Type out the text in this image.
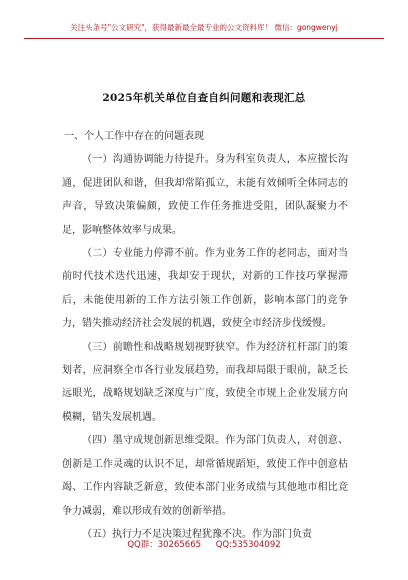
关注头条号"公文研究"，获得最新最全最专业的公文资料库！ 微信：gongwenyj
2025年机关单位自查自纠问题和表现汇总
一、个人工作中存在的问题表现

（一）沟通协调能力待提升。身为科室负责人，本应擅长沟通，促进团队和谐，但我却常陷孤立，未能有效倾听全体同志的声音，导致决策偏颇，致使工作任务推进受阻，团队凝聚力不足，影响整体效率与成果。

（二）专业能力停滞不前。作为业务工作的老同志，面对当前时代技术迭代迅速，我却安于现状，对新的工作技巧掌握滞后，未能使用新的工作方法引领工作创新，影响本部门的竞争力，错失推动经济社会发展的机遇，致使全市经济步伐缓慢。

（三）前瞻性和战略规划视野狭窄。作为经济杠杆部门的策划者，应洞察全市各行业发展趋势，而我却局限于眼前，缺乏长远眼光，战略规划缺乏深度与广度，致使全市规上企业发展方向模糊，错失发展机遇。

（四）墨守成规创新思维受限。作为部门负责人，对创意、创新是工作灵魂的认识不足，却常循规蹈矩，致使工作中创意枯竭、工作内容缺乏新意，致使本部门业务成绩与其他地市相比竞争力减弱，难以形成有效的创新举措。

（五）执行力不足决策过程犹豫不决。作为部门负责

QQ群：30265665 QQ:535304092
